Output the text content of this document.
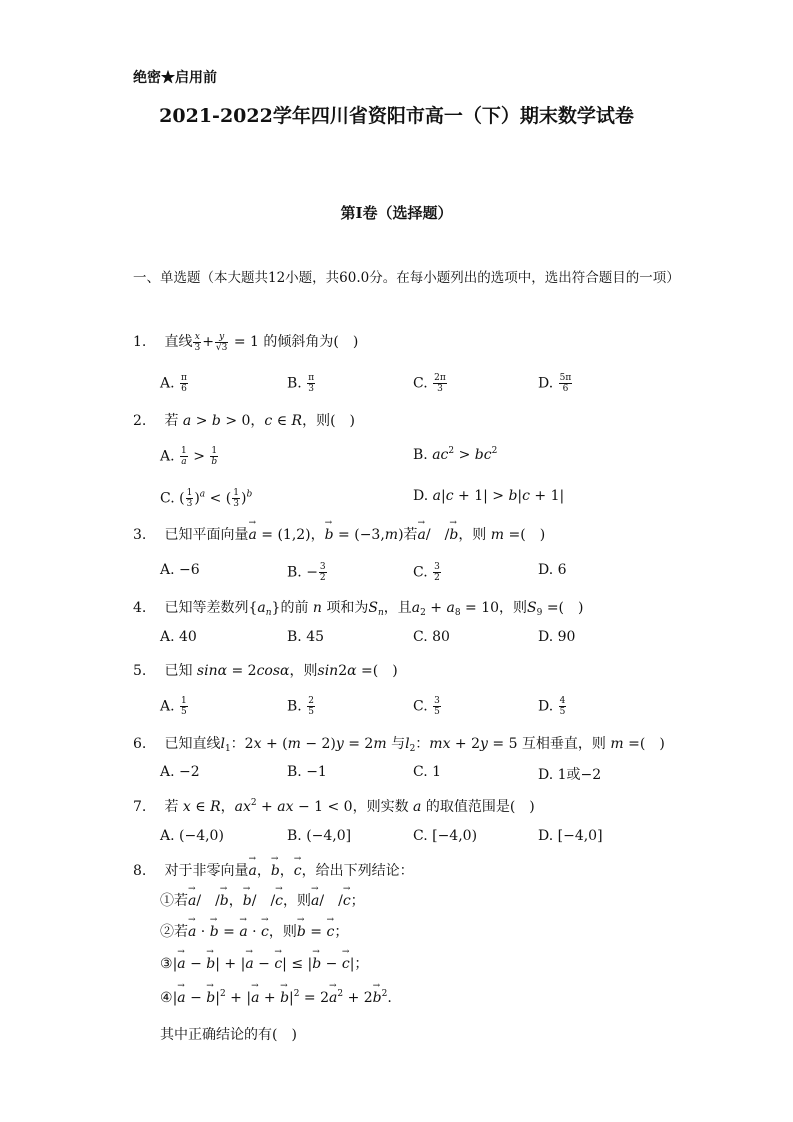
绝密★启用前
2021-2022学年四川省资阳市高一（下）期末数学试卷
第I卷（选择题）
一、单选题（本大题共12小题，共60.0分。在每小题列出的选项中，选出符合题目的一项）
1. 直线 $\frac{x}{3} + \frac{y}{√3} = 1$ 的倾斜角为(　)
A. $\frac{\pi}{6}$	B. $\frac{\pi}{3}$	C. $\frac{2\pi}{3}$	D. $\frac{5\pi}{6}$
2. 若 a > b > 0，c ∈ R，则(　)
A. $\frac{1}{a} > \frac{1}{b}$	B. $ac^2 > bc^2$
C. ( $\frac{1}{3} )^a$ < ( $\frac{1}{3} )^b$	D. a|c + 1| > b|c + 1|
3. 已知平面向量→ a = (1,2)，→ b = (−3,m)若→ a/　/→ b，则 m =(　)
A. −6	B. − $\frac{3}{2}$	C. $\frac{3}{2}$	D. 6
4. 已知等差数列$\{a_n\}$的前 n 项和为$S_n$，且$a_2 + a_8 = 10$，则$S_9$ =(　)
A. 40	B. 45	C. 80	D. 90
5. 已知 sinα = 2cosα，则sin2α =(　)
A. $\frac{1}{5}$	B. $\frac{2}{5}$	C. $\frac{3}{5}$	D. $\frac{4}{5}$
6. 已知直线$l_1$：2x + (m − 2)y = 2m 与$l_2$：mx + 2y = 5 互相垂直，则 m =(　)
A. −2	B. −1	C. 1	D. 1或−2
7. 若 x ∈ R，$ax^2$ + ax − 1 < 0，则实数 a 的取值范围是(　)
A. (−4,0)	B. (−4,0]	C. [−4,0)	D. [−4,0]
8. 对于非零向量→ a，→ b，→ c，给出下列结论：
①若→ a/　/→ b，→ b/　/→ c，则→ a/　/→ c；
②若→ a · → b = → a · → c，则→ b = → c；
③|→ a − → b| + |→ a − → c| ≤ |→ b − → c|；
④|→ a − → $b|^2$ + |→ a + → $b|^2 = 2\to a^2 + 2\to b^2$.
其中正确结论的有(　)
